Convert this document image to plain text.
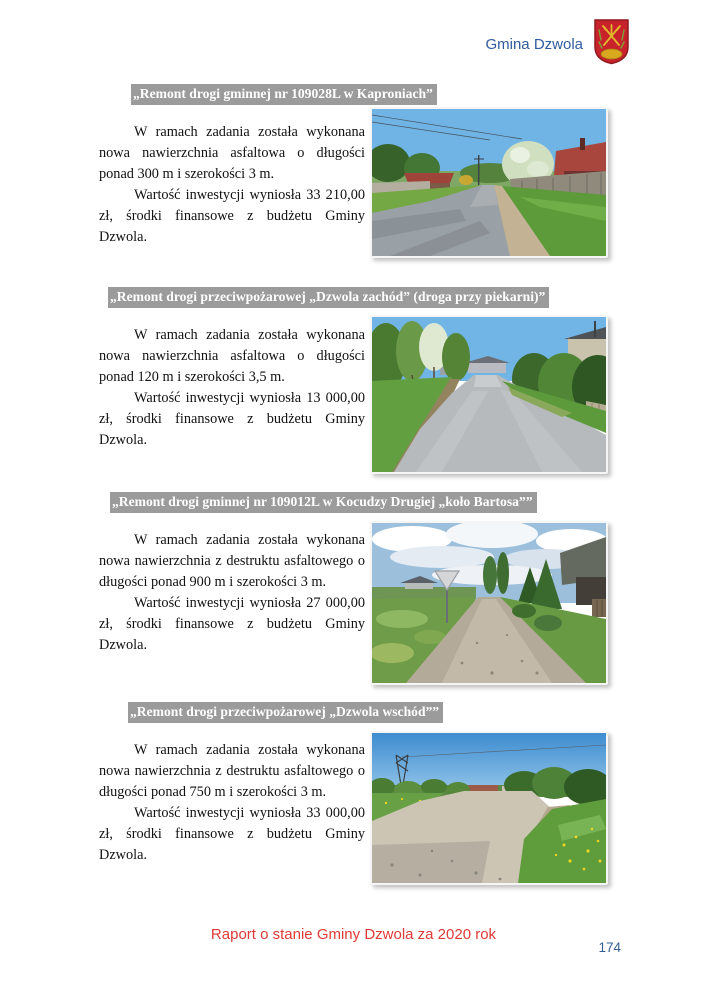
Gmina Dzwola
„Remont drogi gminnej nr 109028L w Kaproniach”

W ramach zadania została wykonana nowa nawierzchnia asfaltowa o długości ponad 300 m i szerokości 3 m.

Wartość inwestycji wyniosła 33 210,00 zł, środki finansowe z budżetu Gminy Dzwola.

„Remont drogi przeciwpożarowej „Dzwola zachód” (droga przy piekarni)”

W ramach zadania została wykonana nowa nawierzchnia asfaltowa o długości ponad 120 m i szerokości 3,5 m.

Wartość inwestycji wyniosła 13 000,00 zł, środki finansowe z budżetu Gminy Dzwola.

„Remont drogi gminnej nr 109012L w Kocudzy Drugiej „koło Bartosa””

W ramach zadania została wykonana nowa nawierzchnia z destruktu asfaltowego o długości ponad 900 m i szerokości 3 m.

Wartość inwestycji wyniosła 27 000,00 zł, środki finansowe z budżetu Gminy Dzwola.

„Remont drogi przeciwpożarowej „Dzwola wschód””

W ramach zadania została wykonana nowa nawierzchnia z destruktu asfaltowego o długości ponad 750 m i szerokości 3 m.

Wartość inwestycji wyniosła 33 000,00 zł, środki finansowe z budżetu Gminy Dzwola.

Raport o stanie Gminy Dzwola za 2020 rok
174
